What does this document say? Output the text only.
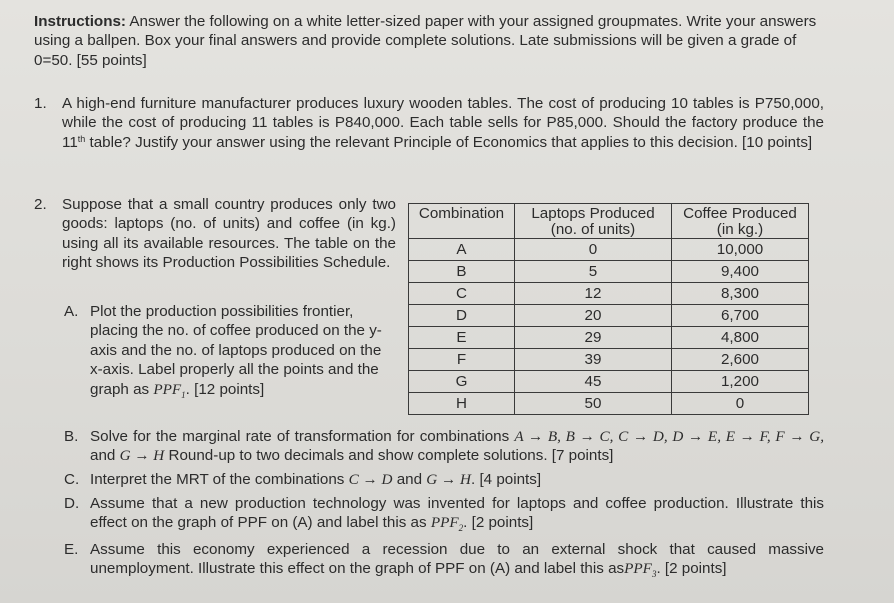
Instructions: Answer the following on a white letter-sized paper with your assigned groupmates. Write your answers using a ballpen. Box your final answers and provide complete solutions. Late submissions will be given a grade of 0=50. [55 points]
1. A high-end furniture manufacturer produces luxury wooden tables. The cost of producing 10 tables is P750,000, while the cost of producing 11 tables is P840,000. Each table sells for P85,000. Should the factory produce the 11th table? Justify your answer using the relevant Principle of Economics that applies to this decision. [10 points]
2. Suppose that a small country produces only two goods: laptops (no. of units) and coffee (in kg.) using all its available resources. The table on the right shows its Production Possibilities Schedule.
Combination	Laptops Produced (no. of units)	Coffee Produced (in kg.)
A	0	10,000
B	5	9,400
C	12	8,300
D	20	6,700
E	29	4,800
F	39	2,600
G	45	1,200
H	50	0
A. Plot the production possibilities frontier, placing the no. of coffee produced on the y-axis and the no. of laptops produced on the x-axis. Label properly all the points and the graph as $PPF_1$. [12 points]
B. Solve for the marginal rate of transformation for combinations A → B, B → C, C → D, D → E, E → F, F → G, and G → H Round-up to two decimals and show complete solutions. [7 points]
C. Interpret the MRT of the combinations C → D and G → H. [4 points]
D. Assume that a new production technology was invented for laptops and coffee production. Illustrate this effect on the graph of PPF on (A) and label this as $PPF_2$. [2 points]
E. Assume this economy experienced a recession due to an external shock that caused massive unemployment. Illustrate this effect on the graph of PPF on (A) and label this asPPF$_3$. [2 points]
